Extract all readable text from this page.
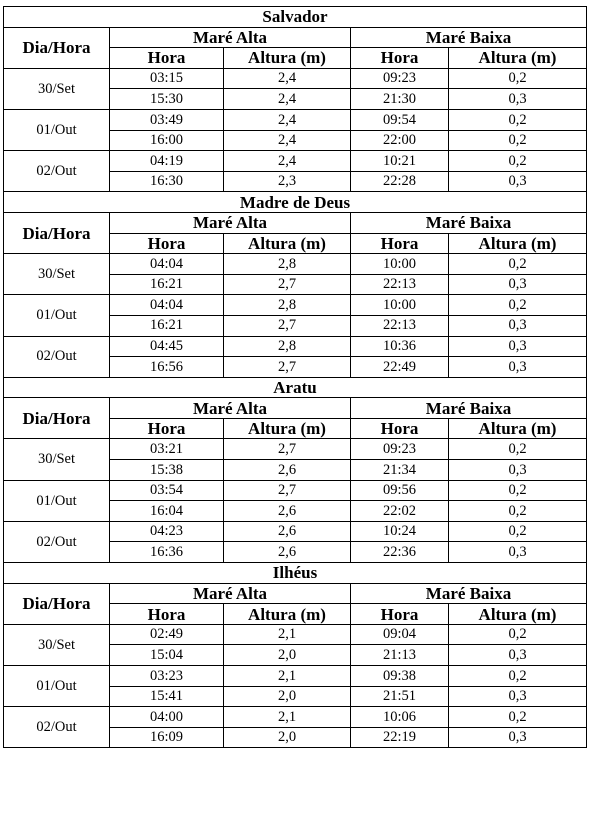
Salvador				
Dia/Hora	Maré Alta		Maré Baixa	
	Hora	Altura (m)	Hora	Altura (m)
30/Set	03:15	2,4	09:23	0,2
	15:30	2,4	21:30	0,3
01/Out	03:49	2,4	09:54	0,2
	16:00	2,4	22:00	0,2
02/Out	04:19	2,4	10:21	0,2
	16:30	2,3	22:28	0,3
Madre de Deus				
Dia/Hora	Maré Alta		Maré Baixa	
	Hora	Altura (m)	Hora	Altura (m)
30/Set	04:04	2,8	10:00	0,2
	16:21	2,7	22:13	0,3
01/Out	04:04	2,8	10:00	0,2
	16:21	2,7	22:13	0,3
02/Out	04:45	2,8	10:36	0,3
	16:56	2,7	22:49	0,3
Aratu				
Dia/Hora	Maré Alta		Maré Baixa	
	Hora	Altura (m)	Hora	Altura (m)
30/Set	03:21	2,7	09:23	0,2
	15:38	2,6	21:34	0,3
01/Out	03:54	2,7	09:56	0,2
	16:04	2,6	22:02	0,2
02/Out	04:23	2,6	10:24	0,2
	16:36	2,6	22:36	0,3
Ilhéus				
Dia/Hora	Maré Alta		Maré Baixa	
	Hora	Altura (m)	Hora	Altura (m)
30/Set	02:49	2,1	09:04	0,2
	15:04	2,0	21:13	0,3
01/Out	03:23	2,1	09:38	0,2
	15:41	2,0	21:51	0,3
02/Out	04:00	2,1	10:06	0,2
	16:09	2,0	22:19	0,3
